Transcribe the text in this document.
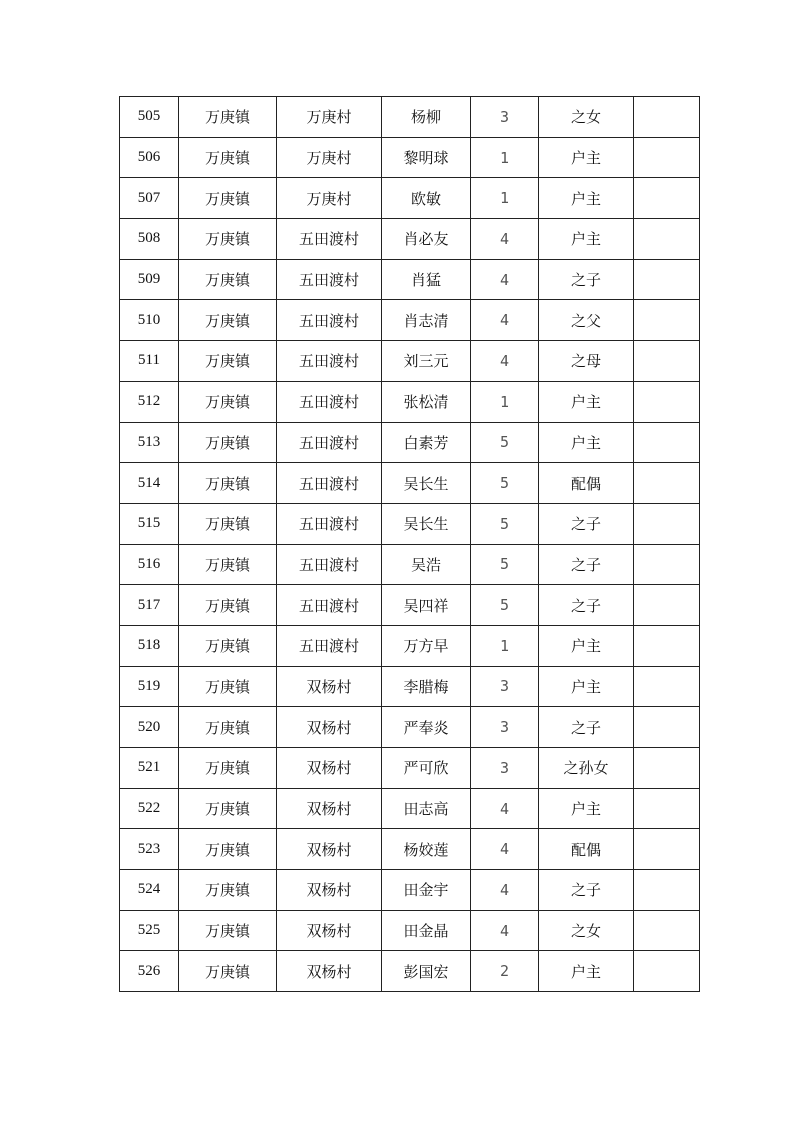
505	万庚镇	万庚村	杨柳	3	之女	
506	万庚镇	万庚村	黎明球	1	户主	
507	万庚镇	万庚村	欧敏	1	户主	
508	万庚镇	五田渡村	肖必友	4	户主	
509	万庚镇	五田渡村	肖猛	4	之子	
510	万庚镇	五田渡村	肖志清	4	之父	
511	万庚镇	五田渡村	刘三元	4	之母	
512	万庚镇	五田渡村	张松清	1	户主	
513	万庚镇	五田渡村	白素芳	5	户主	
514	万庚镇	五田渡村	吴长生	5	配偶	
515	万庚镇	五田渡村	吴长生	5	之子	
516	万庚镇	五田渡村	吴浩	5	之子	
517	万庚镇	五田渡村	吴四祥	5	之子	
518	万庚镇	五田渡村	万方早	1	户主	
519	万庚镇	双杨村	李腊梅	3	户主	
520	万庚镇	双杨村	严奉炎	3	之子	
521	万庚镇	双杨村	严可欣	3	之孙女	
522	万庚镇	双杨村	田志高	4	户主	
523	万庚镇	双杨村	杨姣莲	4	配偶	
524	万庚镇	双杨村	田金宇	4	之子	
525	万庚镇	双杨村	田金晶	4	之女	
526	万庚镇	双杨村	彭国宏	2	户主	
